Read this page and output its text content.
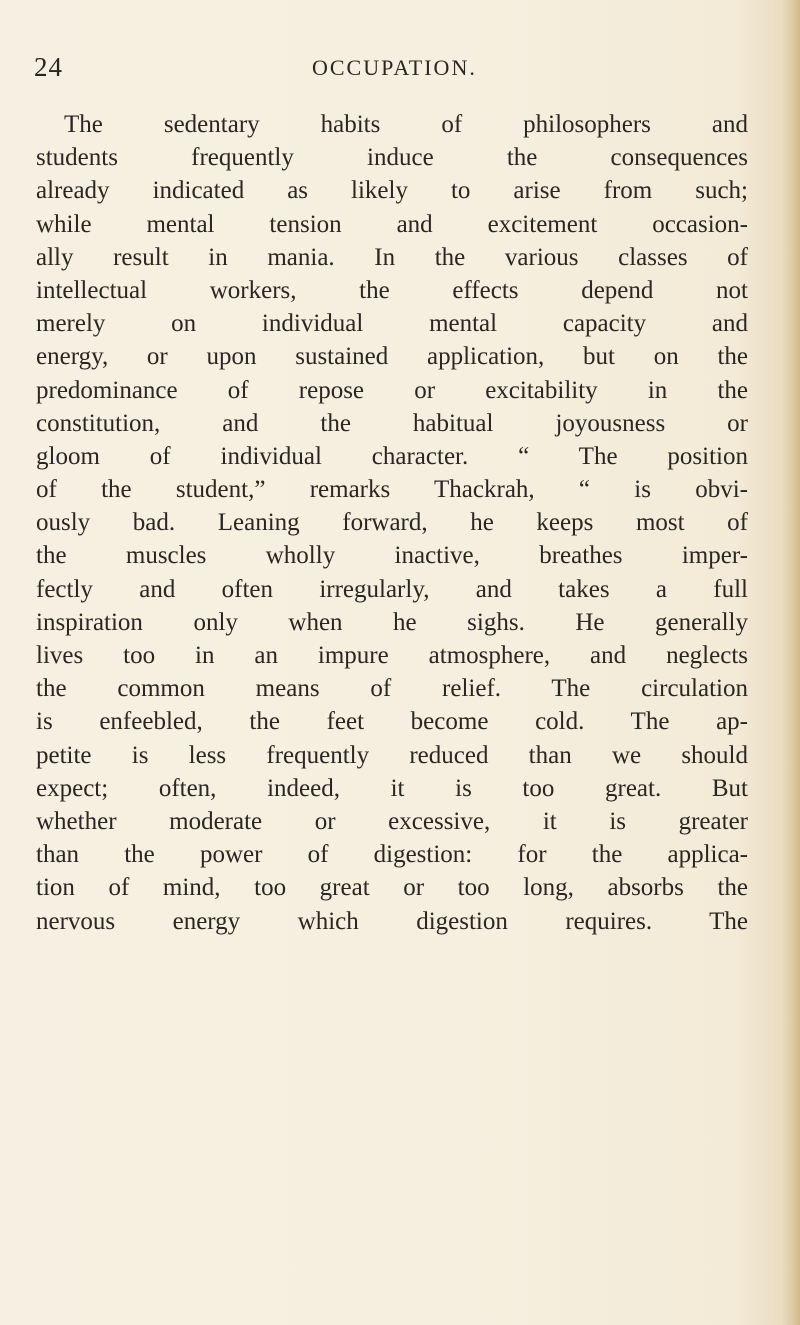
24	OCCUPATION.
The sedentary habits of philosophers and
students frequently induce the consequences
already indicated as likely to arise from such;
while mental tension and excitement occasion-
ally result in mania. In the various classes of
intellectual workers, the effects depend not
merely on individual mental capacity and
energy, or upon sustained application, but on the
predominance of repose or excitability in the
constitution, and the habitual joyousness or
gloom of individual character. “ The position
of the student,” remarks Thackrah, “ is obvi-
ously bad. Leaning forward, he keeps most of
the muscles wholly inactive, breathes imper-
fectly and often irregularly, and takes a full
inspiration only when he sighs. He generally
lives too in an impure atmosphere, and neglects
the common means of relief. The circulation
is enfeebled, the feet become cold. The ap-
petite is less frequently reduced than we should
expect; often, indeed, it is too great. But
whether moderate or excessive, it is greater
than the power of digestion: for the applica-
tion of mind, too great or too long, absorbs the
nervous energy which digestion requires. The
